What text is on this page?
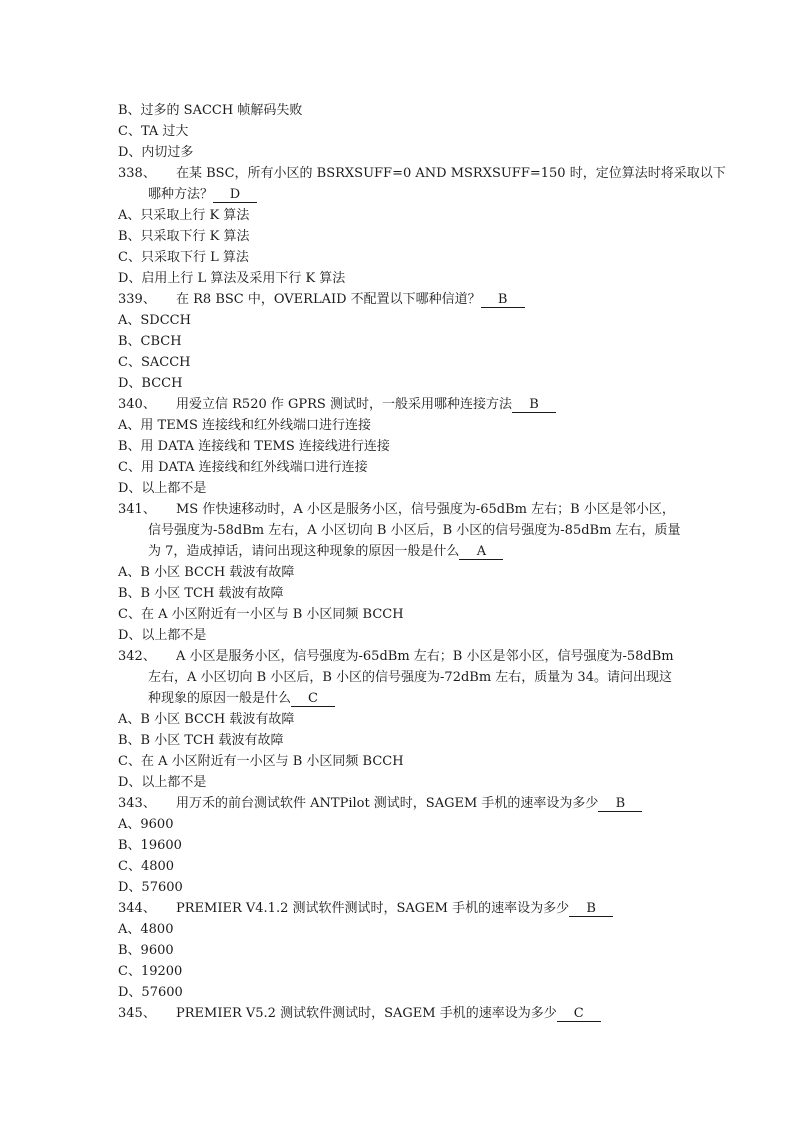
B、过多的 SACCH 帧解码失败
C、TA 过大
D、内切过多
338、 在某 BSC，所有小区的 BSRXSUFF=0 AND MSRXSUFF=150 时，定位算法时将采取以下
哪种方法？ D
A、只采取上行 K 算法
B、只采取下行 K 算法
C、只采取下行 L 算法
D、启用上行 L 算法及采用下行 K 算法
339、 在 R8 BSC 中，OVERLAID 不配置以下哪种信道？ B
A、SDCCH
B、CBCH
C、SACCH
D、BCCH
340、 用爱立信 R520 作 GPRS 测试时，一般采用哪种连接方法 B
A、用 TEMS 连接线和红外线端口进行连接
B、用 DATA 连接线和 TEMS 连接线进行连接
C、用 DATA 连接线和红外线端口进行连接
D、以上都不是
341、 MS 作快速移动时，A 小区是服务小区，信号强度为-65dBm 左右；B 小区是邻小区，
信号强度为-58dBm 左右，A 小区切向 B 小区后，B 小区的信号强度为-85dBm 左右，质量
为 7，造成掉话，请问出现这种现象的原因一般是什么 A
A、B 小区 BCCH 载波有故障
B、B 小区 TCH 载波有故障
C、在 A 小区附近有一小区与 B 小区同频 BCCH
D、以上都不是
342、 A 小区是服务小区，信号强度为-65dBm 左右；B 小区是邻小区，信号强度为-58dBm
左右，A 小区切向 B 小区后，B 小区的信号强度为-72dBm 左右，质量为 34。请问出现这
种现象的原因一般是什么 C
A、B 小区 BCCH 载波有故障
B、B 小区 TCH 载波有故障
C、在 A 小区附近有一小区与 B 小区同频 BCCH
D、以上都不是
343、 用万禾的前台测试软件 ANTPilot 测试时，SAGEM 手机的速率设为多少 B
A、9600
B、19600
C、4800
D、57600
344、 PREMIER V4.1.2 测试软件测试时，SAGEM 手机的速率设为多少 B
A、4800
B、9600
C、19200
D、57600
345、 PREMIER V5.2 测试软件测试时，SAGEM 手机的速率设为多少 C
